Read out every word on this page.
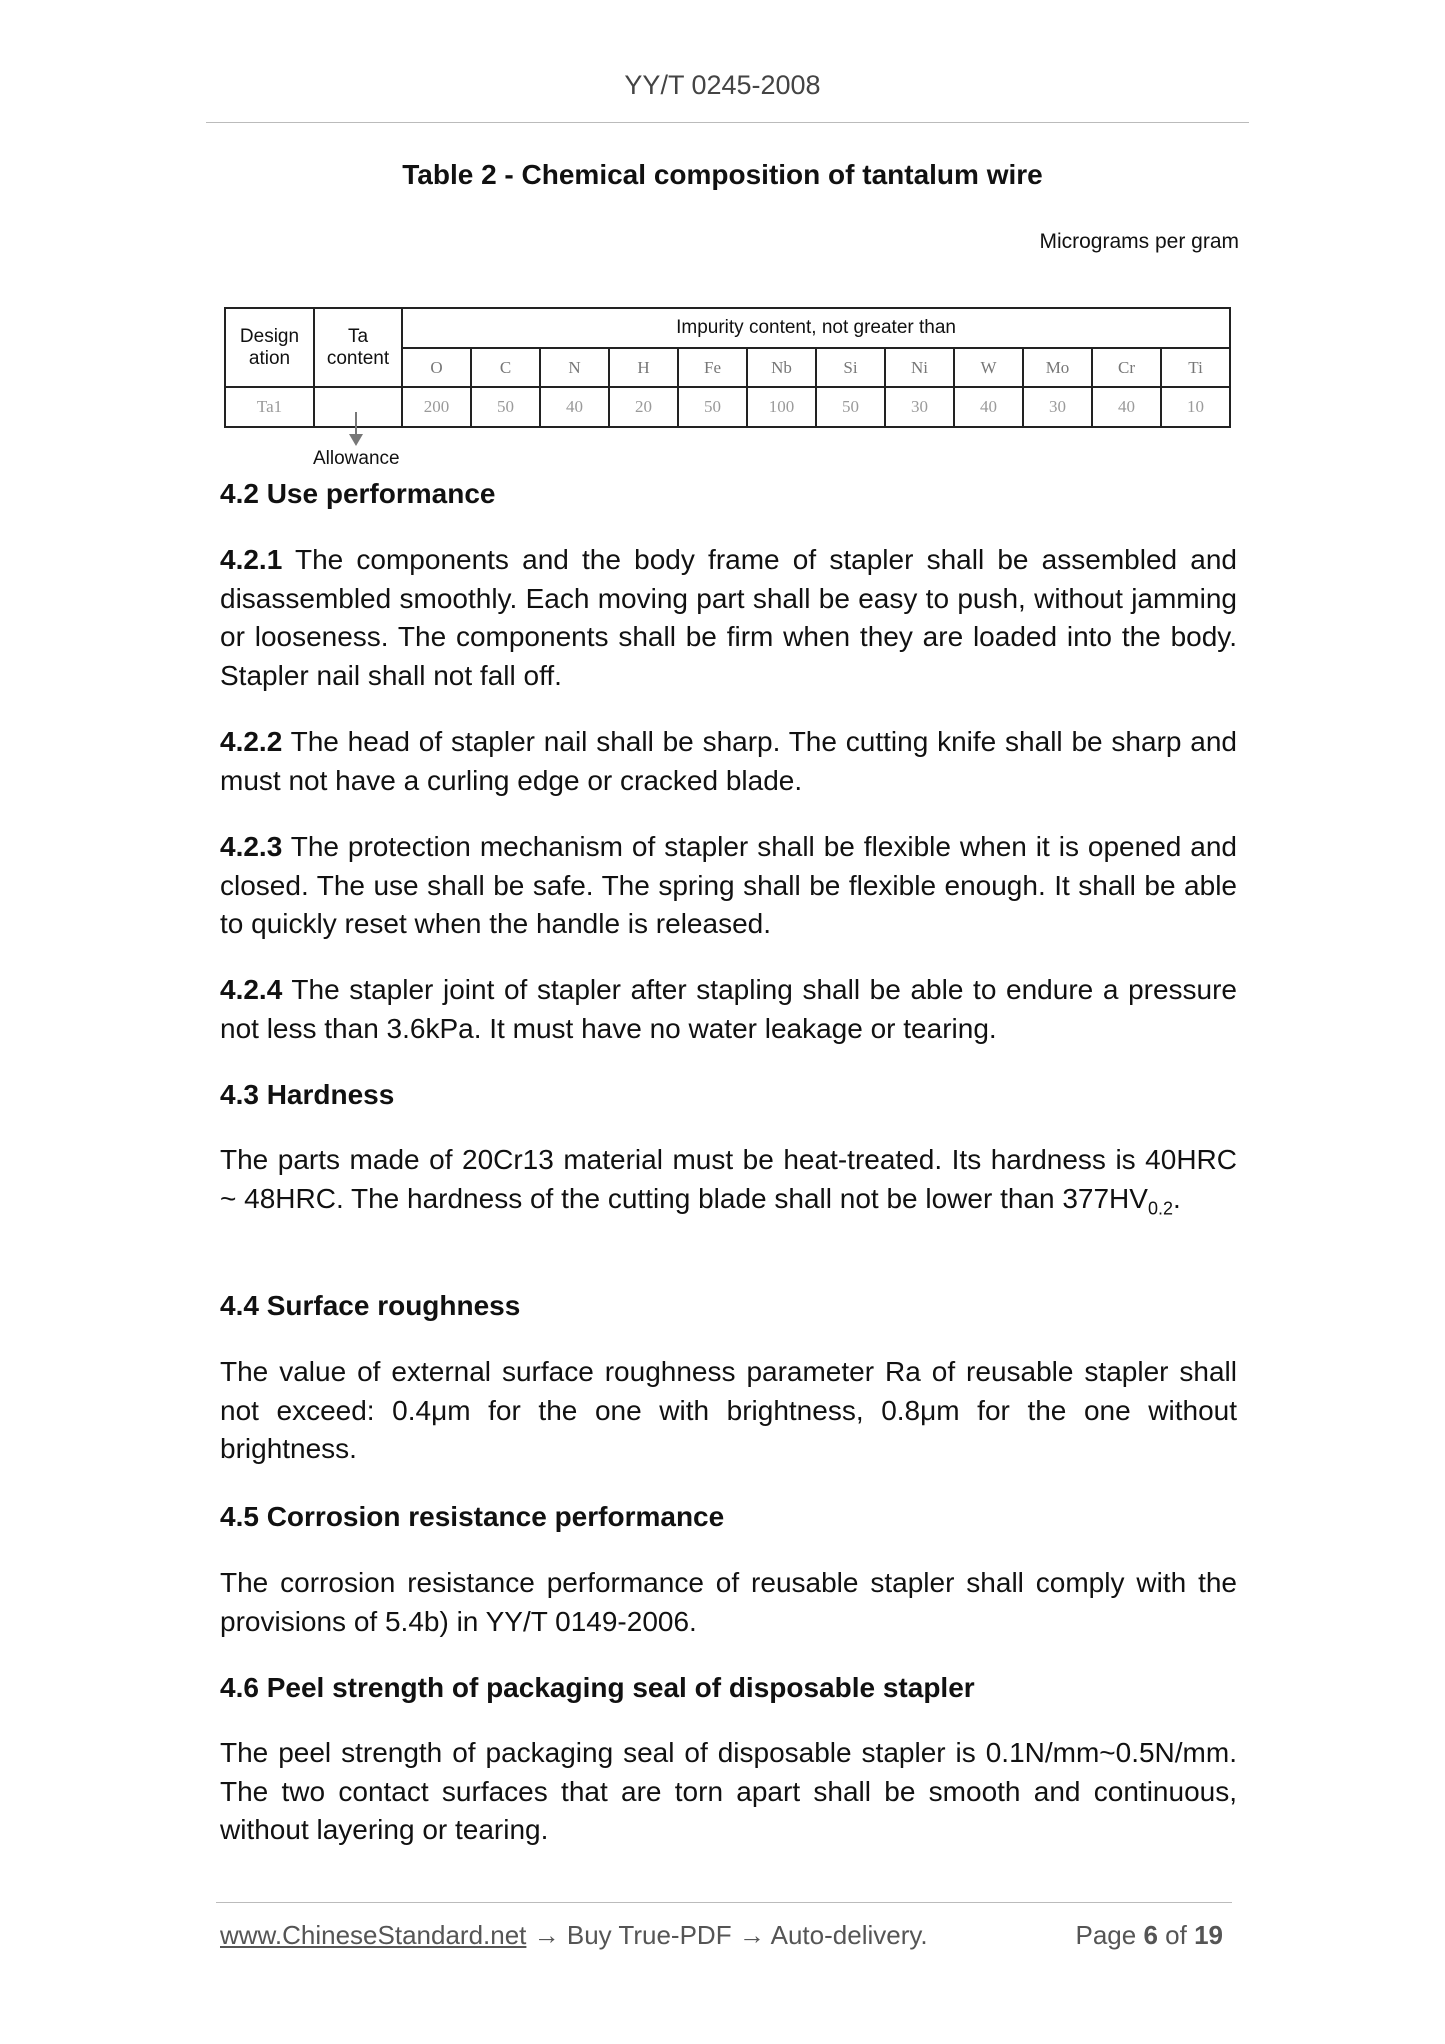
YY/T 0245-2008
Table 2 - Chemical composition of tantalum wire
Micrograms per gram
Design ation	Ta content	Impurity content, not greater than											
		O	C	N	H	Fe	Nb	Si	Ni	W	Mo	Cr	Ti
Ta1		200	50	40	20	50	100	50	30	40	30	40	10
Allowance
4.2 Use performance
4.2.1 The components and the body frame of stapler shall be assembled and disassembled smoothly. Each moving part shall be easy to push, without jamming or looseness. The components shall be firm when they are loaded into the body. Stapler nail shall not fall off.
4.2.2 The head of stapler nail shall be sharp. The cutting knife shall be sharp and must not have a curling edge or cracked blade.
4.2.3 The protection mechanism of stapler shall be flexible when it is opened and closed. The use shall be safe. The spring shall be flexible enough. It shall be able to quickly reset when the handle is released.
4.2.4 The stapler joint of stapler after stapling shall be able to endure a pressure not less than 3.6kPa. It must have no water leakage or tearing.
4.3 Hardness
The parts made of 20Cr13 material must be heat-treated. Its hardness is 40HRC ~ 48HRC. The hardness of the cutting blade shall not be lower than $377HV_{0.2}$.
4.4 Surface roughness
The value of external surface roughness parameter Ra of reusable stapler shall not exceed: 0.4μm for the one with brightness, 0.8μm for the one without brightness.
4.5 Corrosion resistance performance
The corrosion resistance performance of reusable stapler shall comply with the provisions of 5.4b) in YY/T 0149-2006.
4.6 Peel strength of packaging seal of disposable stapler
The peel strength of packaging seal of disposable stapler is 0.1N/mm~0.5N/mm. The two contact surfaces that are torn apart shall be smooth and continuous, without layering or tearing.
www.ChineseStandard.net → Buy True-PDF → Auto-delivery.	Page 6 of 19
